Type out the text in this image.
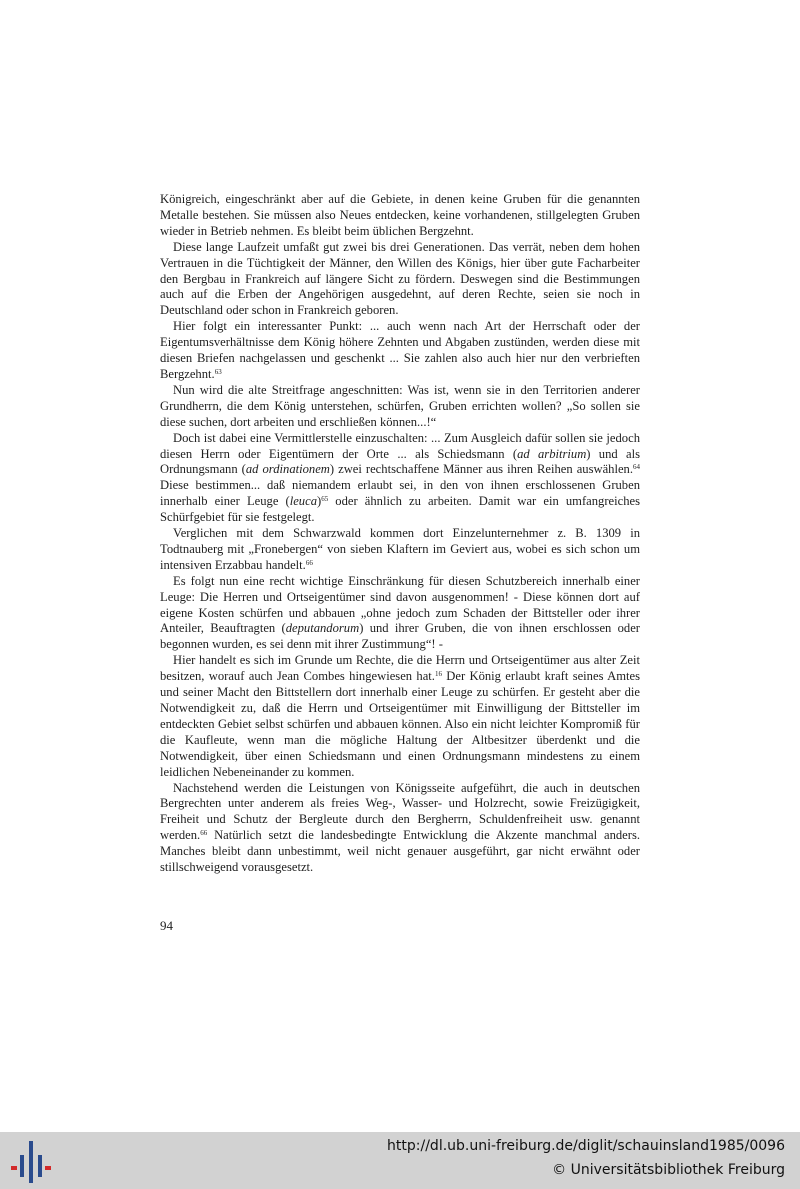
Königreich, eingeschränkt aber auf die Gebiete, in denen keine Gruben für die genannten Metalle bestehen. Sie müssen also Neues entdecken, keine vorhandenen, stillgelegten Gruben wieder in Betrieb nehmen. Es bleibt beim üblichen Bergzehnt.

Diese lange Laufzeit umfaßt gut zwei bis drei Generationen. Das verrät, neben dem hohen Vertrauen in die Tüchtigkeit der Männer, den Willen des Königs, hier über gute Facharbeiter den Bergbau in Frankreich auf längere Sicht zu fördern. Deswegen sind die Bestimmungen auch auf die Erben der Angehörigen ausgedehnt, auf deren Rechte, seien sie noch in Deutschland oder schon in Frankreich geboren.

Hier folgt ein interessanter Punkt: ... auch wenn nach Art der Herrschaft oder der Eigentumsverhältnisse dem König höhere Zehnten und Abgaben zustünden, werden diese mit diesen Briefen nachgelassen und geschenkt ... Sie zahlen also auch hier nur den verbrieften Bergzehnt.$^{63}$

Nun wird die alte Streitfrage angeschnitten: Was ist, wenn sie in den Territorien anderer Grundherrn, die dem König unterstehen, schürfen, Gruben errichten wollen? „So sollen sie diese suchen, dort arbeiten und erschließen können...!“

Doch ist dabei eine Vermittlerstelle einzuschalten: ... Zum Ausgleich dafür sollen sie jedoch diesen Herrn oder Eigentümern der Orte ... als Schiedsmann (ad arbitrium) und als Ordnungsmann (ad ordinationem) zwei rechtschaffene Männer aus ihren Reihen auswählen.$^{64}$ Diese bestimmen... daß niemandem erlaubt sei, in den von ihnen erschlossenen Gruben innerhalb einer Leuge (leuca)$^{65}$ oder ähnlich zu arbeiten. Damit war ein umfangreiches Schürfgebiet für sie festgelegt.

Verglichen mit dem Schwarzwald kommen dort Einzelunternehmer z. B. 1309 in Todtnauberg mit „Fronebergen“ von sieben Klaftern im Geviert aus, wobei es sich schon um intensiven Erzabbau handelt.$^{66}$

Es folgt nun eine recht wichtige Einschränkung für diesen Schutzbereich innerhalb einer Leuge: Die Herren und Ortseigentümer sind davon ausgenommen! - Diese können dort auf eigene Kosten schürfen und abbauen „ohne jedoch zum Schaden der Bittsteller oder ihrer Anteiler, Beauftragten (deputandorum) und ihrer Gruben, die von ihnen erschlossen oder begonnen wurden, es sei denn mit ihrer Zustimmung“! -

Hier handelt es sich im Grunde um Rechte, die die Herrn und Ortseigentümer aus alter Zeit besitzen, worauf auch Jean Combes hingewiesen hat.$^{16}$ Der König erlaubt kraft seines Amtes und seiner Macht den Bittstellern dort innerhalb einer Leuge zu schürfen. Er gesteht aber die Notwendigkeit zu, daß die Herrn und Ortseigentümer mit Einwilligung der Bittsteller im entdeckten Gebiet selbst schürfen und abbauen können. Also ein nicht leichter Kompromiß für die Kaufleute, wenn man die mögliche Haltung der Altbesitzer überdenkt und die Notwendigkeit, über einen Schiedsmann und einen Ordnungsmann mindestens zu einem leidlichen Nebeneinander zu kommen.

Nachstehend werden die Leistungen von Königsseite aufgeführt, die auch in deutschen Bergrechten unter anderem als freies Weg-, Wasser- und Holzrecht, sowie Freizügigkeit, Freiheit und Schutz der Bergleute durch den Bergherrn, Schuldenfreiheit usw. genannt werden.$^{66}$ Natürlich setzt die landesbedingte Entwicklung die Akzente manchmal anders. Manches bleibt dann unbestimmt, weil nicht genauer ausgeführt, gar nicht erwähnt oder stillschweigend vorausgesetzt.

94
http://dl.ub.uni-freiburg.de/diglit/schauinsland1985/0096
© Universitätsbibliothek Freiburg
